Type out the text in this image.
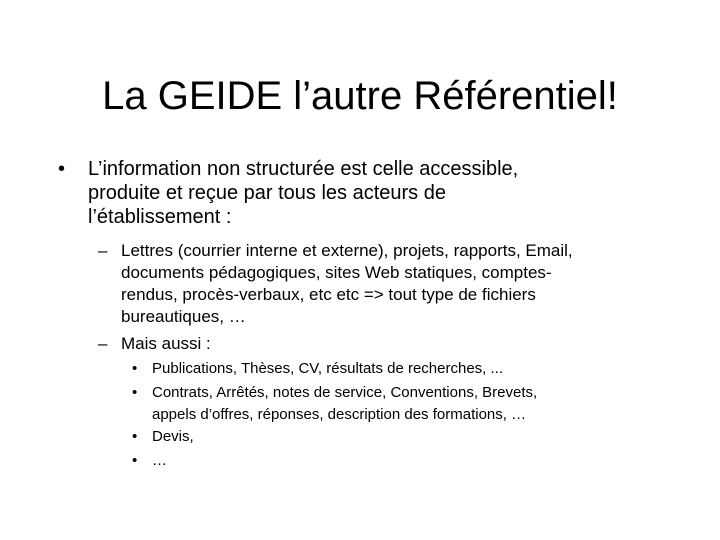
La GEIDE l’autre Référentiel!
• L’information non structurée est celle accessible,
produite et reçue par tous les acteurs de
l’établissement :
– Lettres (courrier interne et externe), projets, rapports, Email,
documents pédagogiques, sites Web statiques, comptes-
rendus, procès-verbaux, etc etc => tout type de fichiers
bureautiques, …
– Mais aussi :
• Publications, Thèses, CV, résultats de recherches, ...
• Contrats, Arrêtés, notes de service, Conventions, Brevets,
appels d’offres, réponses, description des formations, …
• Devis,
• …
